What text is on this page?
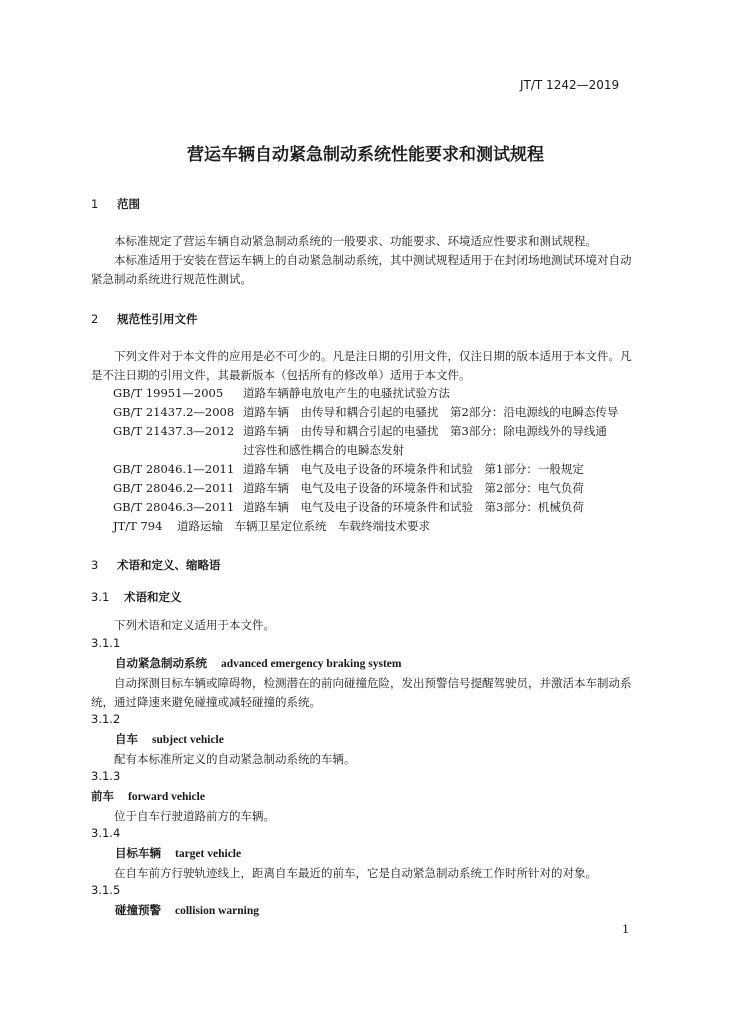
JT/T 1242—2019
营运车辆自动紧急制动系统性能要求和测试规程
1 范围
本标准规定了营运车辆自动紧急制动系统的一般要求、功能要求、环境适应性要求和测试规程。
本标准适用于安装在营运车辆上的自动紧急制动系统，其中测试规程适用于在封闭场地测试环境对自动紧急制动系统进行规范性测试。
2 规范性引用文件
下列文件对于本文件的应用是必不可少的。凡是注日期的引用文件，仅注日期的版本适用于本文件。凡是不注日期的引用文件，其最新版本（包括所有的修改单）适用于本文件。
GB/T 19951—2005 道路车辆静电放电产生的电骚扰试验方法
GB/T 21437.2—2008 道路车辆　由传导和耦合引起的电骚扰　第2部分：沿电源线的电瞬态传导
GB/T 21437.3—2012 道路车辆　由传导和耦合引起的电骚扰　第3部分：除电源线外的导线通
过容性和感性耦合的电瞬态发射
GB/T 28046.1—2011 道路车辆　电气及电子设备的环境条件和试验　第1部分：一般规定
GB/T 28046.2—2011 道路车辆　电气及电子设备的环境条件和试验　第2部分：电气负荷
GB/T 28046.3—2011 道路车辆　电气及电子设备的环境条件和试验　第3部分：机械负荷
JT/T 794 道路运输　车辆卫星定位系统　车载终端技术要求
3 术语和定义、缩略语
3.1 术语和定义
下列术语和定义适用于本文件。
3.1.1
自动紧急制动系统 advanced emergency braking system
自动探测目标车辆或障碍物，检测潜在的前向碰撞危险，发出预警信号提醒驾驶员，并激活本车制动系统，通过降速来避免碰撞或减轻碰撞的系统。
3.1.2
自车 subject vehicle
配有本标准所定义的自动紧急制动系统的车辆。
3.1.3
前车 forward vehicle
位于自车行驶道路前方的车辆。
3.1.4
目标车辆 target vehicle
在自车前方行驶轨迹线上，距离自车最近的前车，它是自动紧急制动系统工作时所针对的对象。
3.1.5
碰撞预警 collision warning
1
